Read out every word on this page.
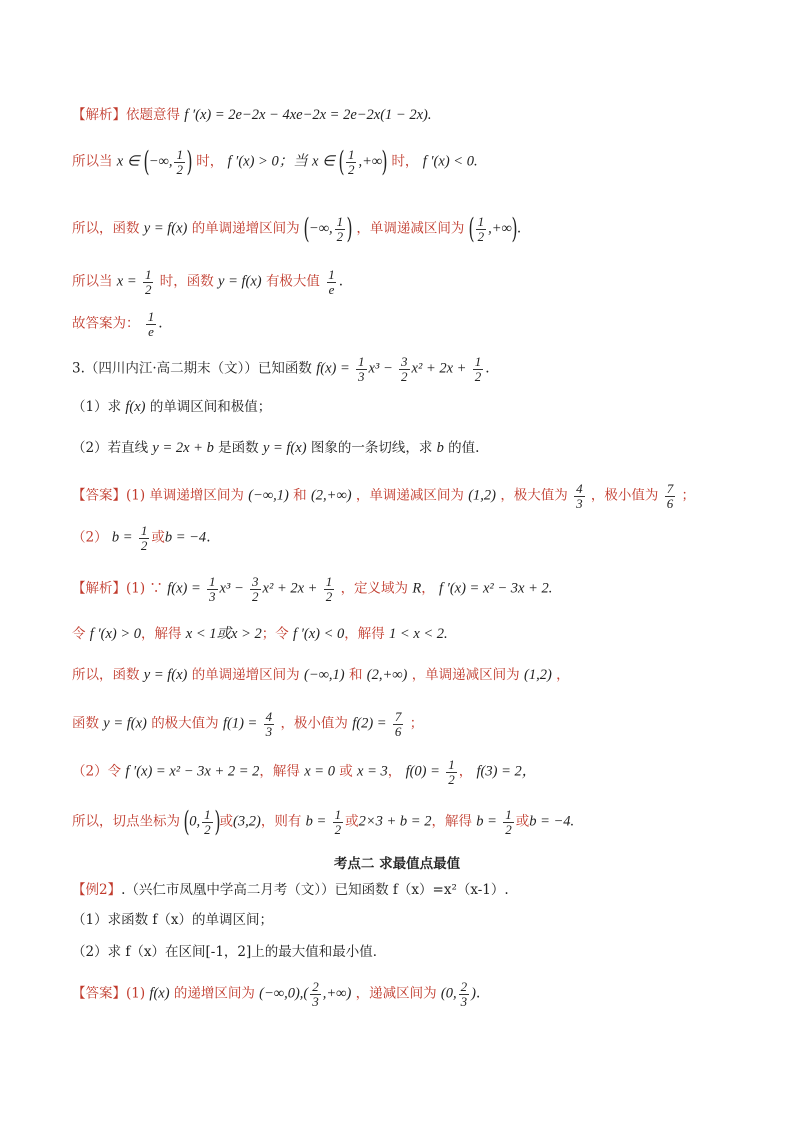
【解析】依题意得 f ′(x) = 2e−2x − 4xe−2x = 2e−2x(1 − 2x).
所以当 x ∈ (−∞, $\frac{1}{2}$ ) 时， f ′(x) > 0；当 x ∈ ( $\frac{1}{2}$ ,+∞) 时， f ′(x) < 0.
所以，函数 y = f(x) 的单调递增区间为 (−∞, $\frac{1}{2}$ ) ，单调递减区间为 ( $\frac{1}{2}$ ,+∞).
所以当 $x = \frac{1}{2}$ 时，函数 y = f(x) 有极大值 $\frac{1}{e}$ .
故答案为： $\frac{1}{e}$ .
3.（四川内江·高二期末（文））已知函数 $f(x) = \frac{1}{3} x^3 - \frac{3}{2} x^2 + 2x + \frac{1}{2}$ .
（1）求 f(x) 的单调区间和极值；
（2）若直线 y = 2x + b 是函数 y = f(x) 图象的一条切线，求 b 的值.
【答案】(1) 单调递增区间为 (−∞,1) 和 (2,+∞) ，单调递减区间为 (1,2) ，极大值为 $\frac{4}{3}$ ，极小值为 $\frac{7}{6}$ ；
（2） $b = \frac{1}{2}$ 或b = −4.
【解析】(1) ∵ $f(x) = \frac{1}{3} x^3 - \frac{3}{2} x^2 + 2x + \frac{1}{2}$ ，定义域为 R， f ′(x) = x² − 3x + 2.
令 f ′(x) > 0，解得 x < 1或x > 2；令 f ′(x) < 0，解得 1 < x < 2.
所以，函数 y = f(x) 的单调递增区间为 (−∞,1) 和 (2,+∞) ，单调递减区间为 (1,2) ，
函数 y = f(x) 的极大值为 $f(1) = \frac{4}{3}$ ，极小值为 $f(2) = \frac{7}{6}$ ；
（2）令 f ′(x) = x² − 3x + 2 = 2，解得 x = 0 或 x = 3， $f(0) = \frac{1}{2}$ ， f(3) = 2，
所以，切点坐标为 (0, $\frac{1}{2}$ )或(3,2)，则有 $b = \frac{1}{2}$ 或2×3 + b = 2，解得 $b = \frac{1}{2}$ 或b = −4.
考点二 求最值点最值
【例2】.（兴仁市凤凰中学高二月考（文））已知函数 f（x）=x²（x-1）.
（1）求函数 f（x）的单调区间；
（2）求 f（x）在区间[-1，2]上的最大值和最小值．
【答案】(1) f(x) 的递增区间为 $(-\infty,0),( \frac{2}{3}$ ,+∞) ，递减区间为 (0, $\frac{2}{3}$ ).
